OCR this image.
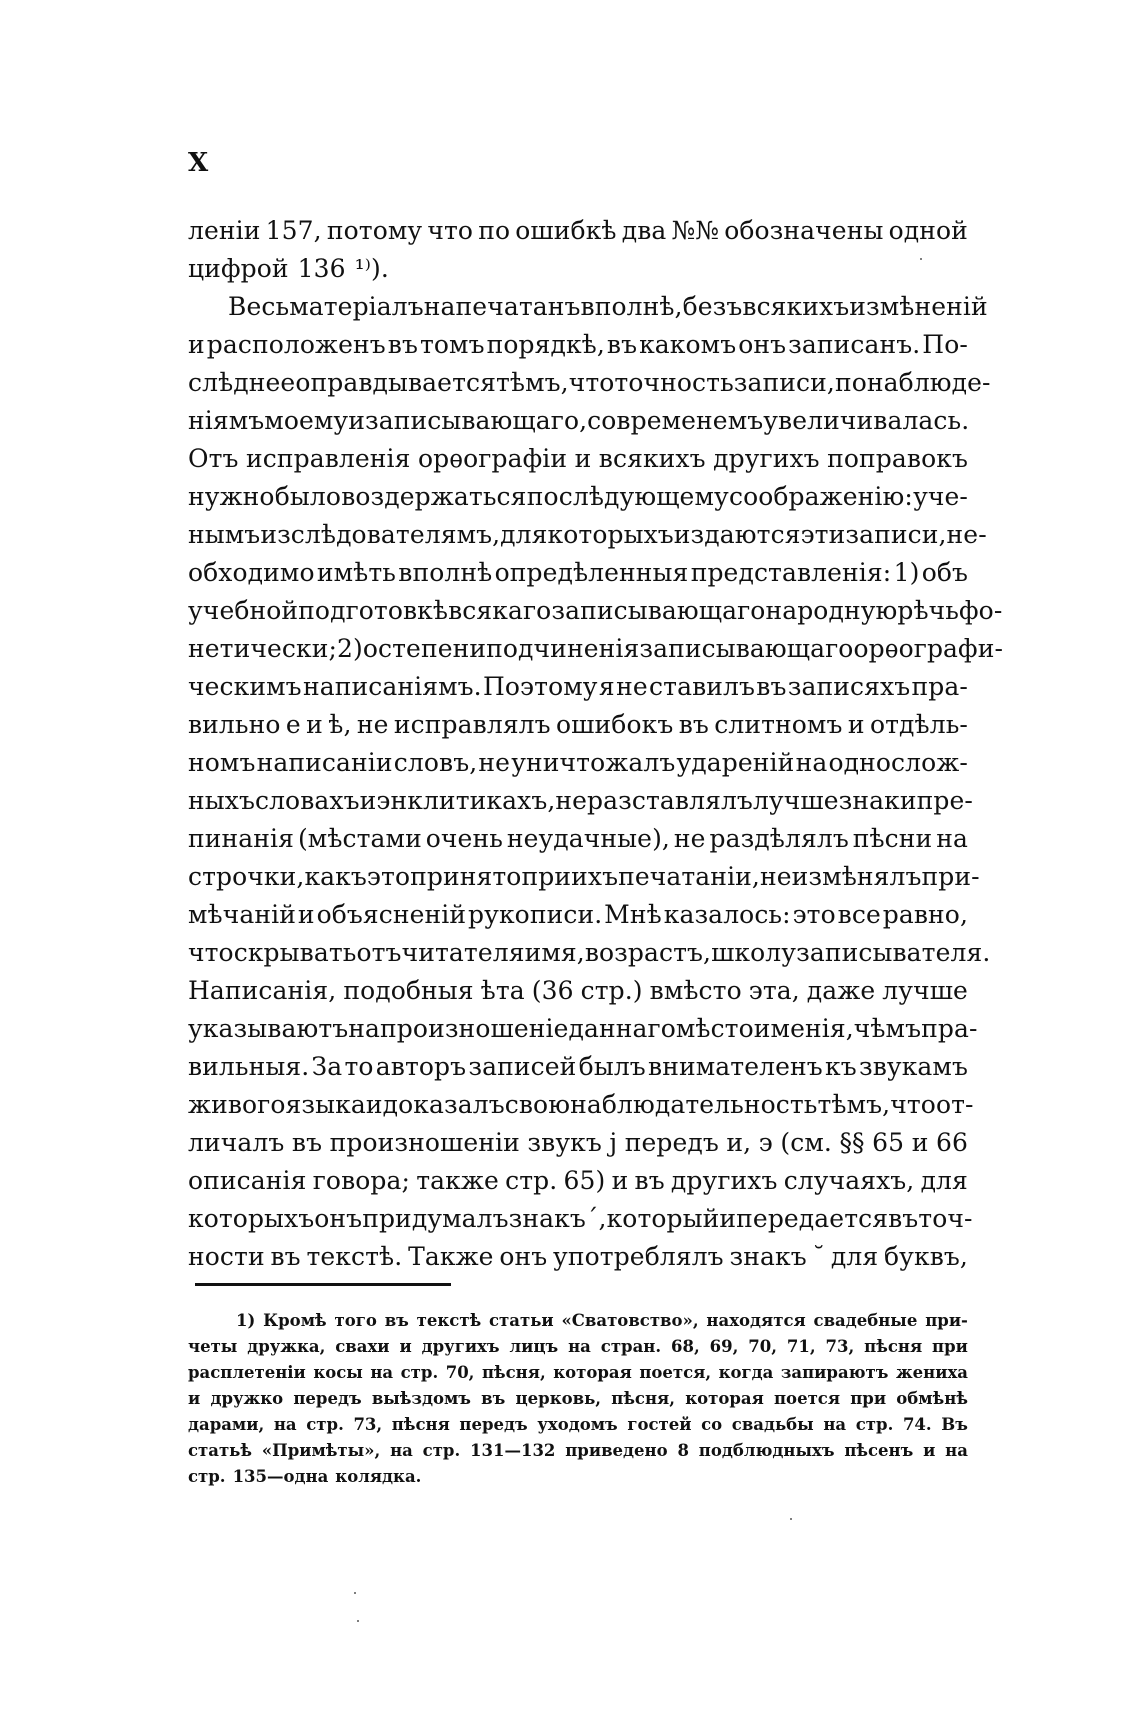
X
леніи 157, потому что по ошибкѣ два №№ обозначены одной
цифрой 136 ¹⁾).
Весь матеріалъ напечатанъ вполнѣ, безъ всякихъ измѣненій
и расположенъ въ томъ порядкѣ, въ какомъ онъ записанъ. По-
слѣднее оправдывается тѣмъ, что точность записи, по наблюде-
ніямъ моему и записывающаго, со временемъ увеличивалась.
Отъ исправленія орѳографіи и всякихъ другихъ поправокъ
нужно было воздержаться по слѣдующему соображенію: уче-
нымъ изслѣдователямъ, для которыхъ издаются эти записи, не-
обходимо имѣть вполнѣ опредѣленныя представленія: 1) объ
учебной подготовкѣ всякаго записывающаго народную рѣчь фо-
нетически; 2) о степени подчиненія записывающаго орѳографи-
ческимъ написаніямъ. Поэтому я не ставилъ въ записяхъ пра-
вильно е и ѣ, не исправлялъ ошибокъ въ слитномъ и отдѣль-
номъ написаніи словъ, не уничтожалъ удареній на однослож-
ныхъ словахъ и энклитикахъ, не разставлялъ лучше знаки пре-
пинанія (мѣстами очень неудачные), не раздѣлялъ пѣсни на
строчки, какъ это принято при ихъ печатаніи, не измѣнялъ при-
мѣчаній и объясненій рукописи. Мнѣ казалось: это все равно,
что скрывать отъ читателя имя, возрастъ, школу записывателя.
Написанія, подобныя ѣта (36 стр.) вмѣсто эта, даже лучше
указываютъ на произношеніе даннаго мѣстоименія, чѣмъ пра-
вильныя. За то авторъ записей былъ внимателенъ къ звукамъ
живого языка и доказалъ свою наблюдательность тѣмъ, что от-
личалъ въ произношеніи звукъ j передъ и, э (см. §§ 65 и 66
описанія говора; также стр. 65) и въ другихъ случаяхъ, для
которыхъ онъ придумалъ знакъ ´, который и передается въ точ-
ности въ текстѣ. Также онъ употреблялъ знакъ ˘ для буквъ,
1) Кромѣ того въ текстѣ статьи «Сватовство», находятся свадебные при-
четы дружка, свахи и другихъ лицъ на стран. 68, 69, 70, 71, 73, пѣсня при
расплетеніи косы на стр. 70, пѣсня, которая поется, когда запираютъ жениха
и дружко передъ выѣздомъ въ церковь, пѣсня, которая поется при обмѣнѣ
дарами, на стр. 73, пѣсня передъ уходомъ гостей со свадьбы на стр. 74. Въ
статьѣ «Примѣты», на стр. 131—132 приведено 8 подблюдныхъ пѣсенъ и на
стр. 135—одна колядка.
